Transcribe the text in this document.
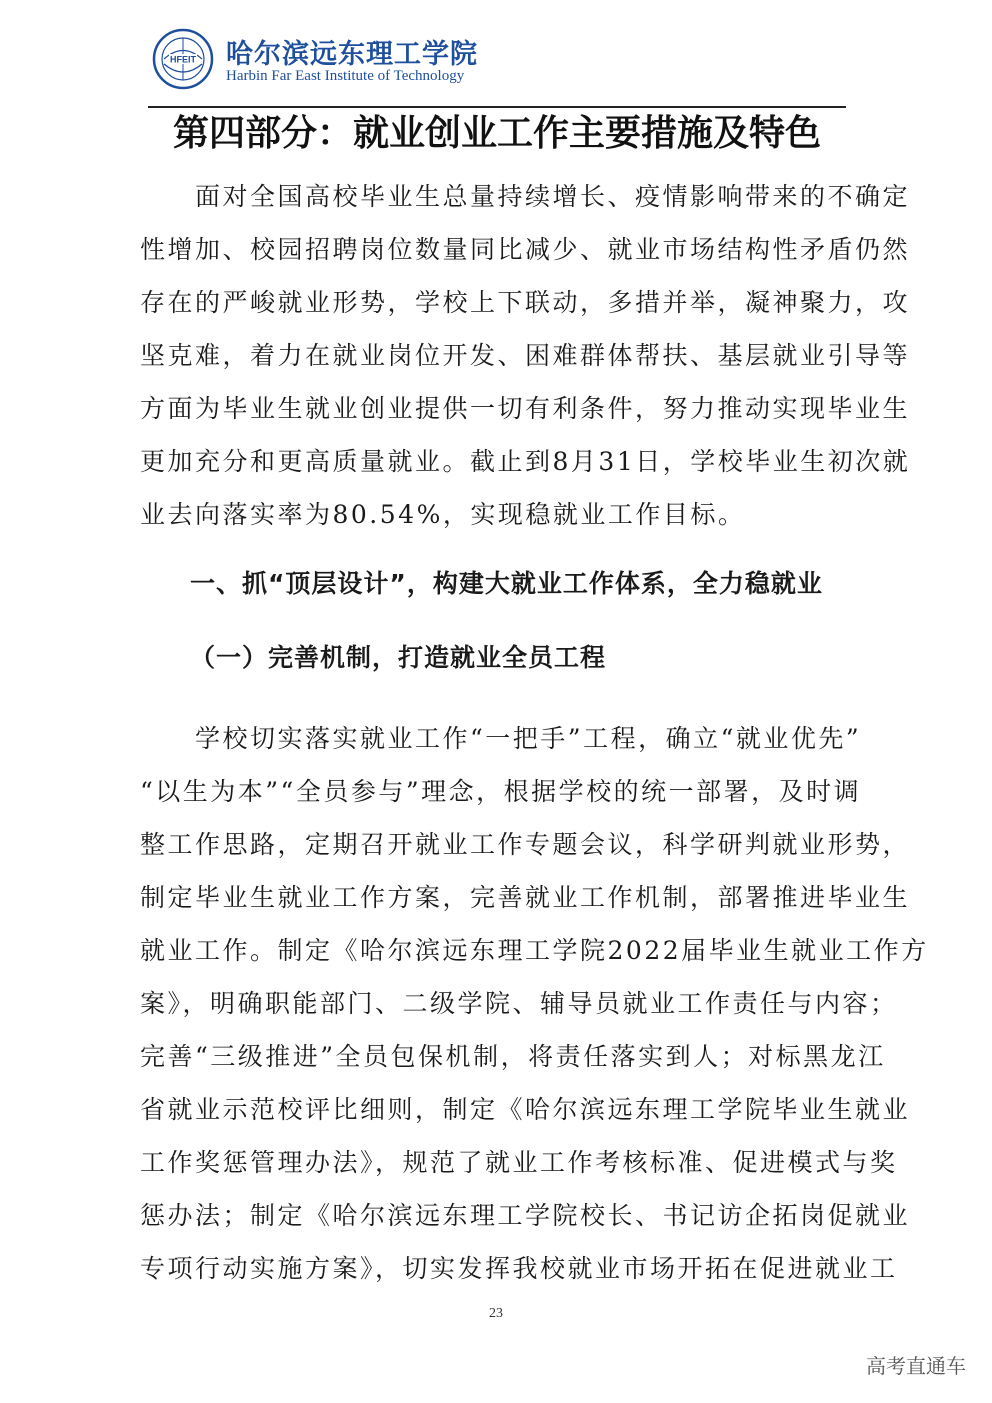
HFEIT 哈尔滨远东理工学院
Harbin Far East Institute of Technology
第四部分：就业创业工作主要措施及特色
　　面对全国高校毕业生总量持续增长、疫情影响带来的不确定
性增加、校园招聘岗位数量同比减少、就业市场结构性矛盾仍然
存在的严峻就业形势，学校上下联动，多措并举，凝神聚力，攻
坚克难，着力在就业岗位开发、困难群体帮扶、基层就业引导等
方面为毕业生就业创业提供一切有利条件，努力推动实现毕业生
更加充分和更高质量就业。截止到8月31日，学校毕业生初次就
业去向落实率为80.54%，实现稳就业工作目标。
一、抓“顶层设计”，构建大就业工作体系，全力稳就业
（一）完善机制，打造就业全员工程
　　学校切实落实就业工作“一把手”工程，确立“就业优先”
“以生为本”“全员参与”理念，根据学校的统一部署，及时调
整工作思路，定期召开就业工作专题会议，科学研判就业形势，
制定毕业生就业工作方案，完善就业工作机制，部署推进毕业生
就业工作。制定《哈尔滨远东理工学院2022届毕业生就业工作方
案》，明确职能部门、二级学院、辅导员就业工作责任与内容；
完善“三级推进”全员包保机制，将责任落实到人；对标黑龙江
省就业示范校评比细则，制定《哈尔滨远东理工学院毕业生就业
工作奖惩管理办法》，规范了就业工作考核标准、促进模式与奖
惩办法；制定《哈尔滨远东理工学院校长、书记访企拓岗促就业
专项行动实施方案》，切实发挥我校就业市场开拓在促进就业工
23
高考直通车
